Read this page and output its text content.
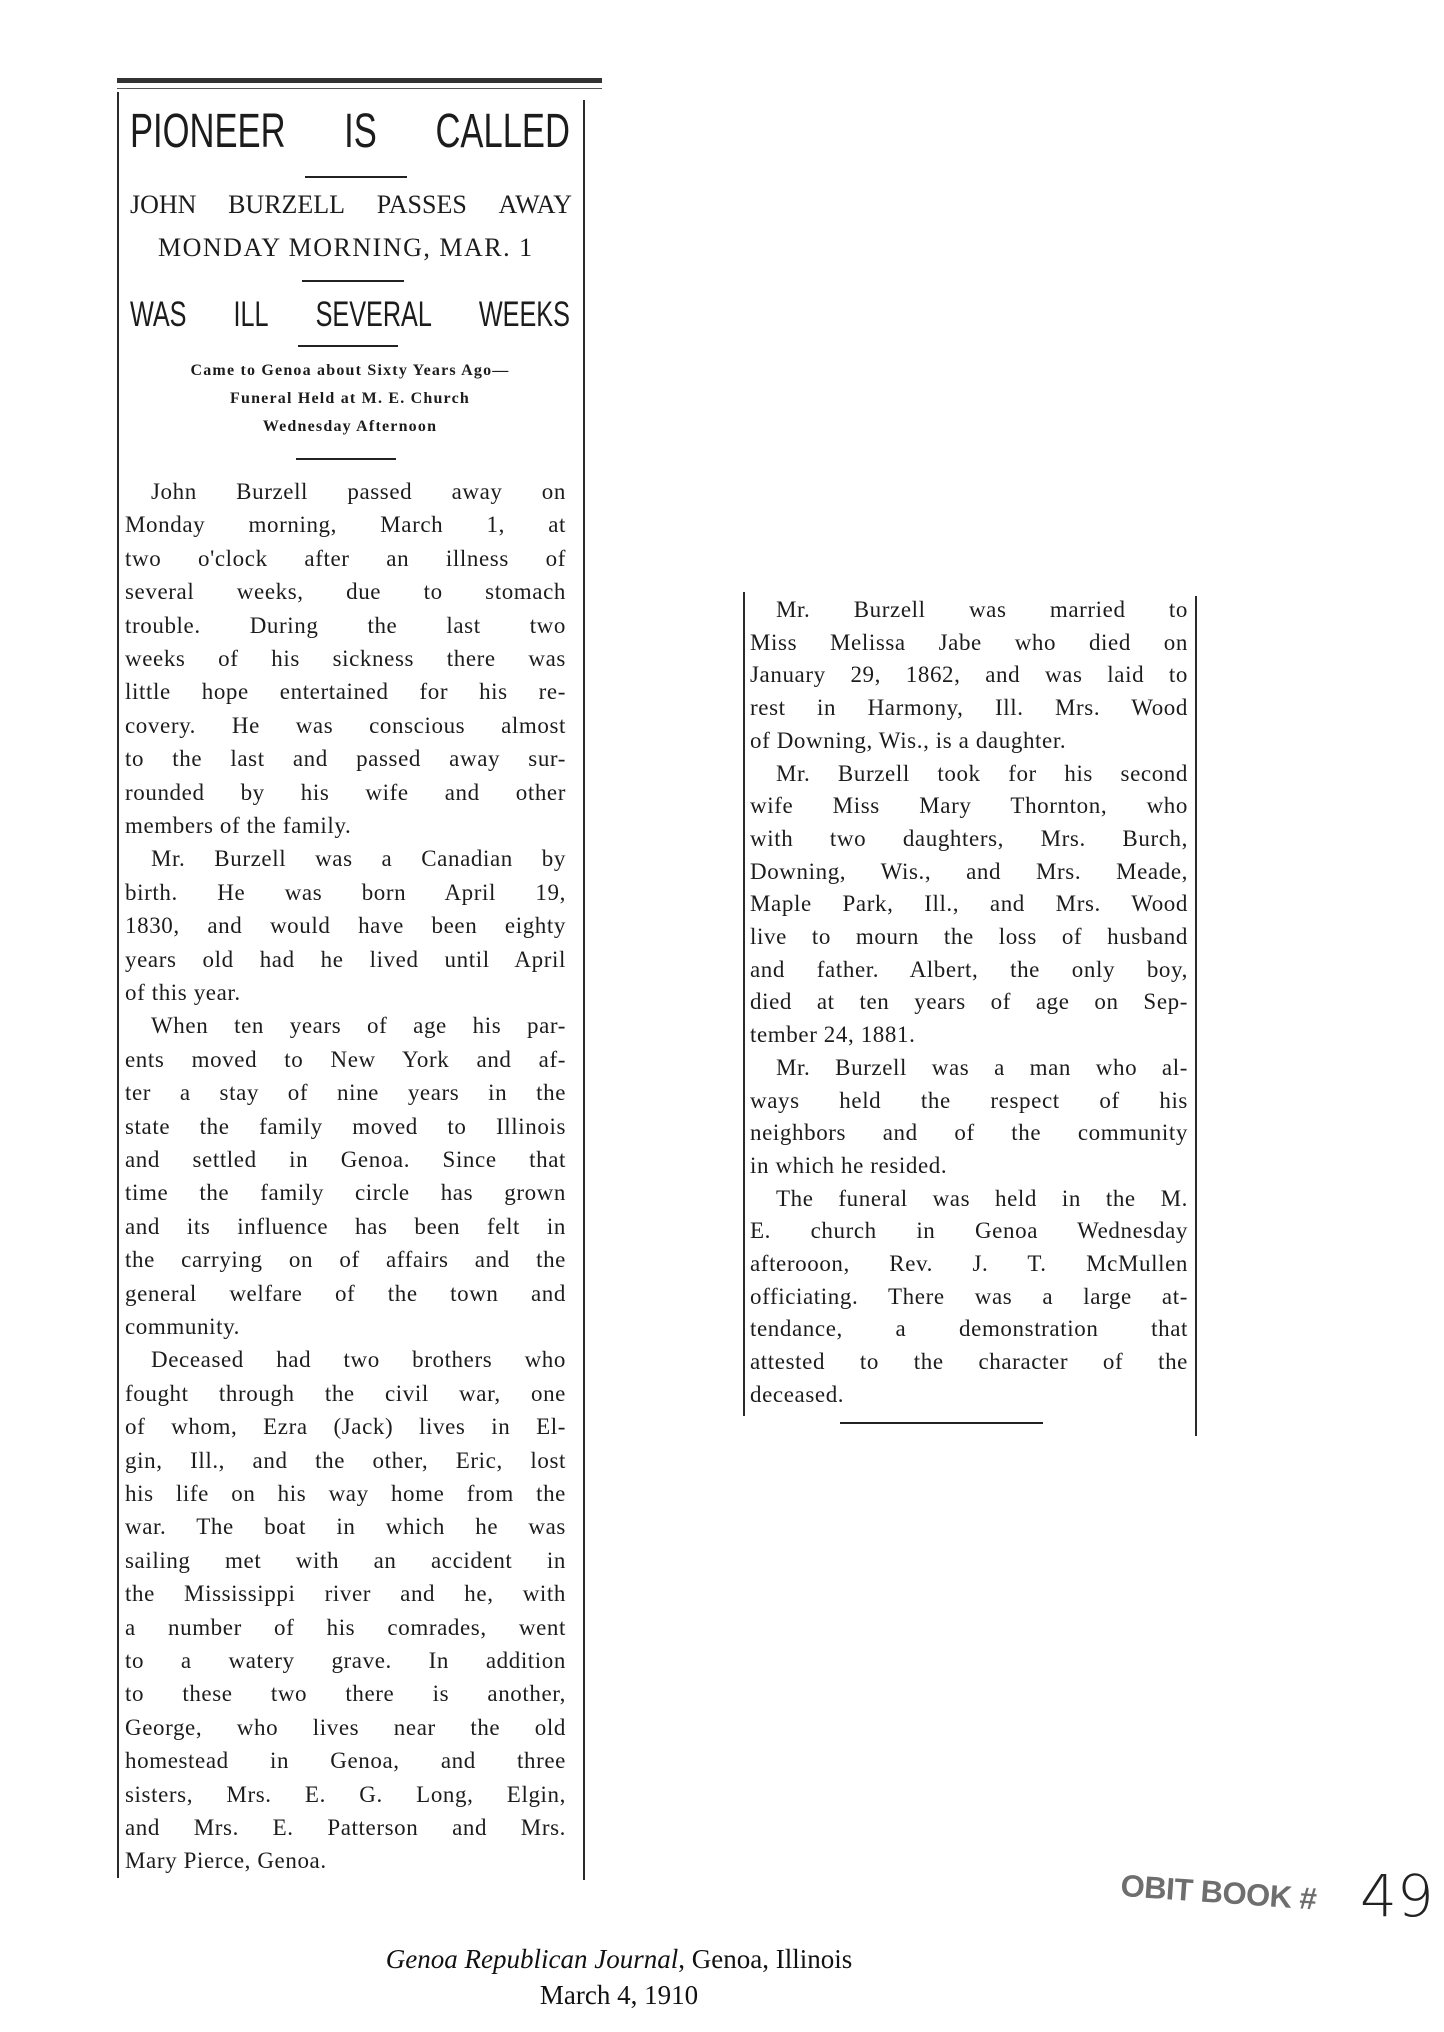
PIONEER IS CALLED
JOHN BURZELL PASSES AWAY
MONDAY MORNING, MAR. 1
WAS ILL SEVERAL WEEKS
Came to Genoa about Sixty Years Ago—
Funeral Held at M. E. Church
Wednesday Afternoon
John Burzell passed away on
Monday morning, March 1, at
two o'clock after an illness of
several weeks, due to stomach
trouble. During the last two
weeks of his sickness there was
little hope entertained for his re-
covery. He was conscious almost
to the last and passed away sur-
rounded by his wife and other
members of the family.
Mr. Burzell was a Canadian by
birth. He was born April 19,
1830, and would have been eighty
years old had he lived until April
of this year.
When ten years of age his par-
ents moved to New York and af-
ter a stay of nine years in the
state the family moved to Illinois
and settled in Genoa. Since that
time the family circle has grown
and its influence has been felt in
the carrying on of affairs and the
general welfare of the town and
community.
Deceased had two brothers who
fought through the civil war, one
of whom, Ezra (Jack) lives in El-
gin, Ill., and the other, Eric, lost
his life on his way home from the
war. The boat in which he was
sailing met with an accident in
the Mississippi river and he, with
a number of his comrades, went
to a watery grave. In addition
to these two there is another,
George, who lives near the old
homestead in Genoa, and three
sisters, Mrs. E. G. Long, Elgin,
and Mrs. E. Patterson and Mrs.
Mary Pierce, Genoa.
Mr. Burzell was married to
Miss Melissa Jabe who died on
January 29, 1862, and was laid to
rest in Harmony, Ill. Mrs. Wood
of Downing, Wis., is a daughter.
Mr. Burzell took for his second
wife Miss Mary Thornton, who
with two daughters, Mrs. Burch,
Downing, Wis., and Mrs. Meade,
Maple Park, Ill., and Mrs. Wood
live to mourn the loss of husband
and father. Albert, the only boy,
died at ten years of age on Sep-
tember 24, 1881.
Mr. Burzell was a man who al-
ways held the respect of his
neighbors and of the community
in which he resided.
The funeral was held in the M.
E. church in Genoa Wednesday
afterooon, Rev. J. T. McMullen
officiating. There was a large at-
tendance, a demonstration that
attested to the character of the
deceased.
OBIT BOOK # 49
Genoa Republican Journal, Genoa, Illinois
March 4, 1910
